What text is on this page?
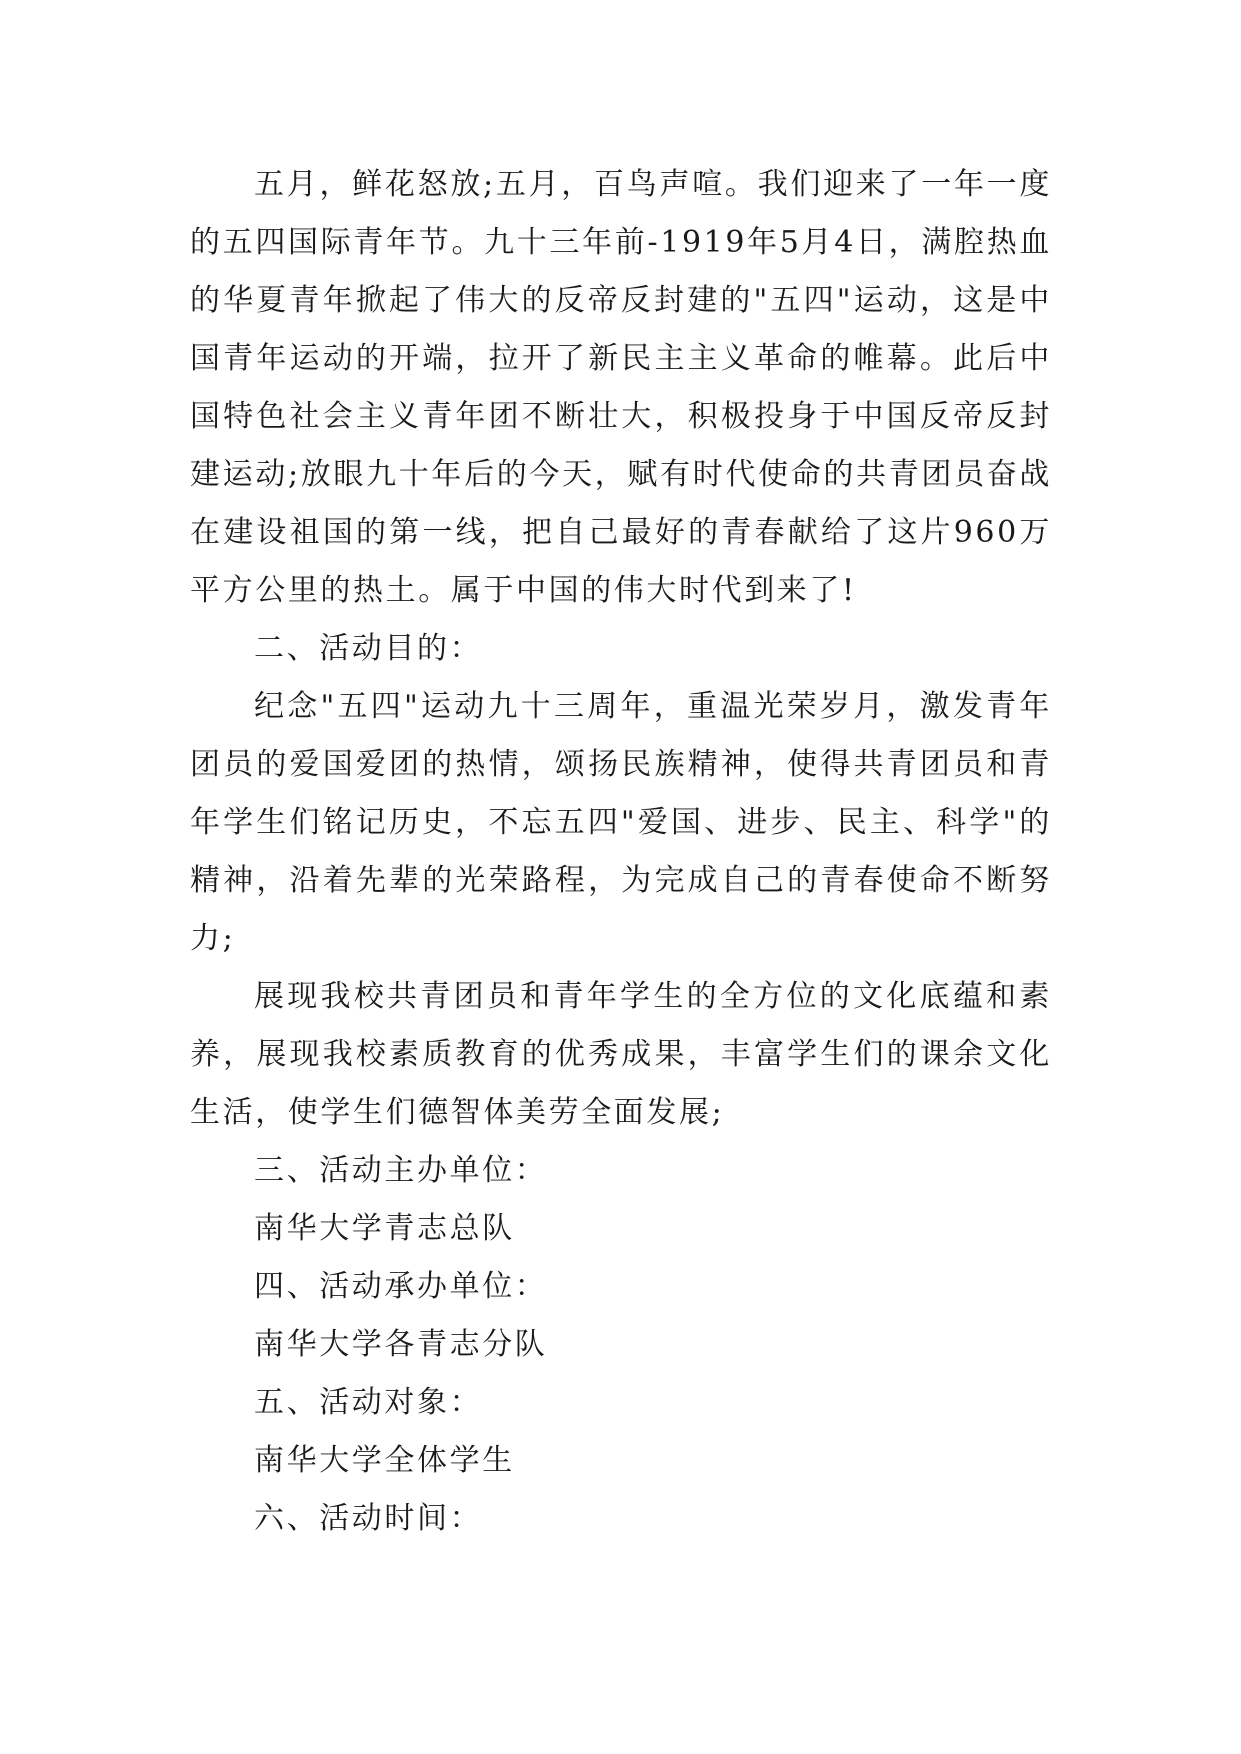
五月，鲜花怒放;五月，百鸟声喧。我们迎来了一年一度的五四国际青年节。九十三年前-1919年5月4日，满腔热血的华夏青年掀起了伟大的反帝反封建的"五四"运动，这是中国青年运动的开端，拉开了新民主主义革命的帷幕。此后中国特色社会主义青年团不断壮大，积极投身于中国反帝反封建运动;放眼九十年后的今天，赋有时代使命的共青团员奋战在建设祖国的第一线，把自己最好的青春献给了这片960万平方公里的热土。属于中国的伟大时代到来了!

二、活动目的：

纪念"五四"运动九十三周年，重温光荣岁月，激发青年团员的爱国爱团的热情，颂扬民族精神，使得共青团员和青年学生们铭记历史，不忘五四"爱国、进步、民主、科学"的精神，沿着先辈的光荣路程，为完成自己的青春使命不断努力;

展现我校共青团员和青年学生的全方位的文化底蕴和素养，展现我校素质教育的优秀成果，丰富学生们的课余文化生活，使学生们德智体美劳全面发展;

三、活动主办单位：

南华大学青志总队

四、活动承办单位：

南华大学各青志分队

五、活动对象：

南华大学全体学生

六、活动时间：
